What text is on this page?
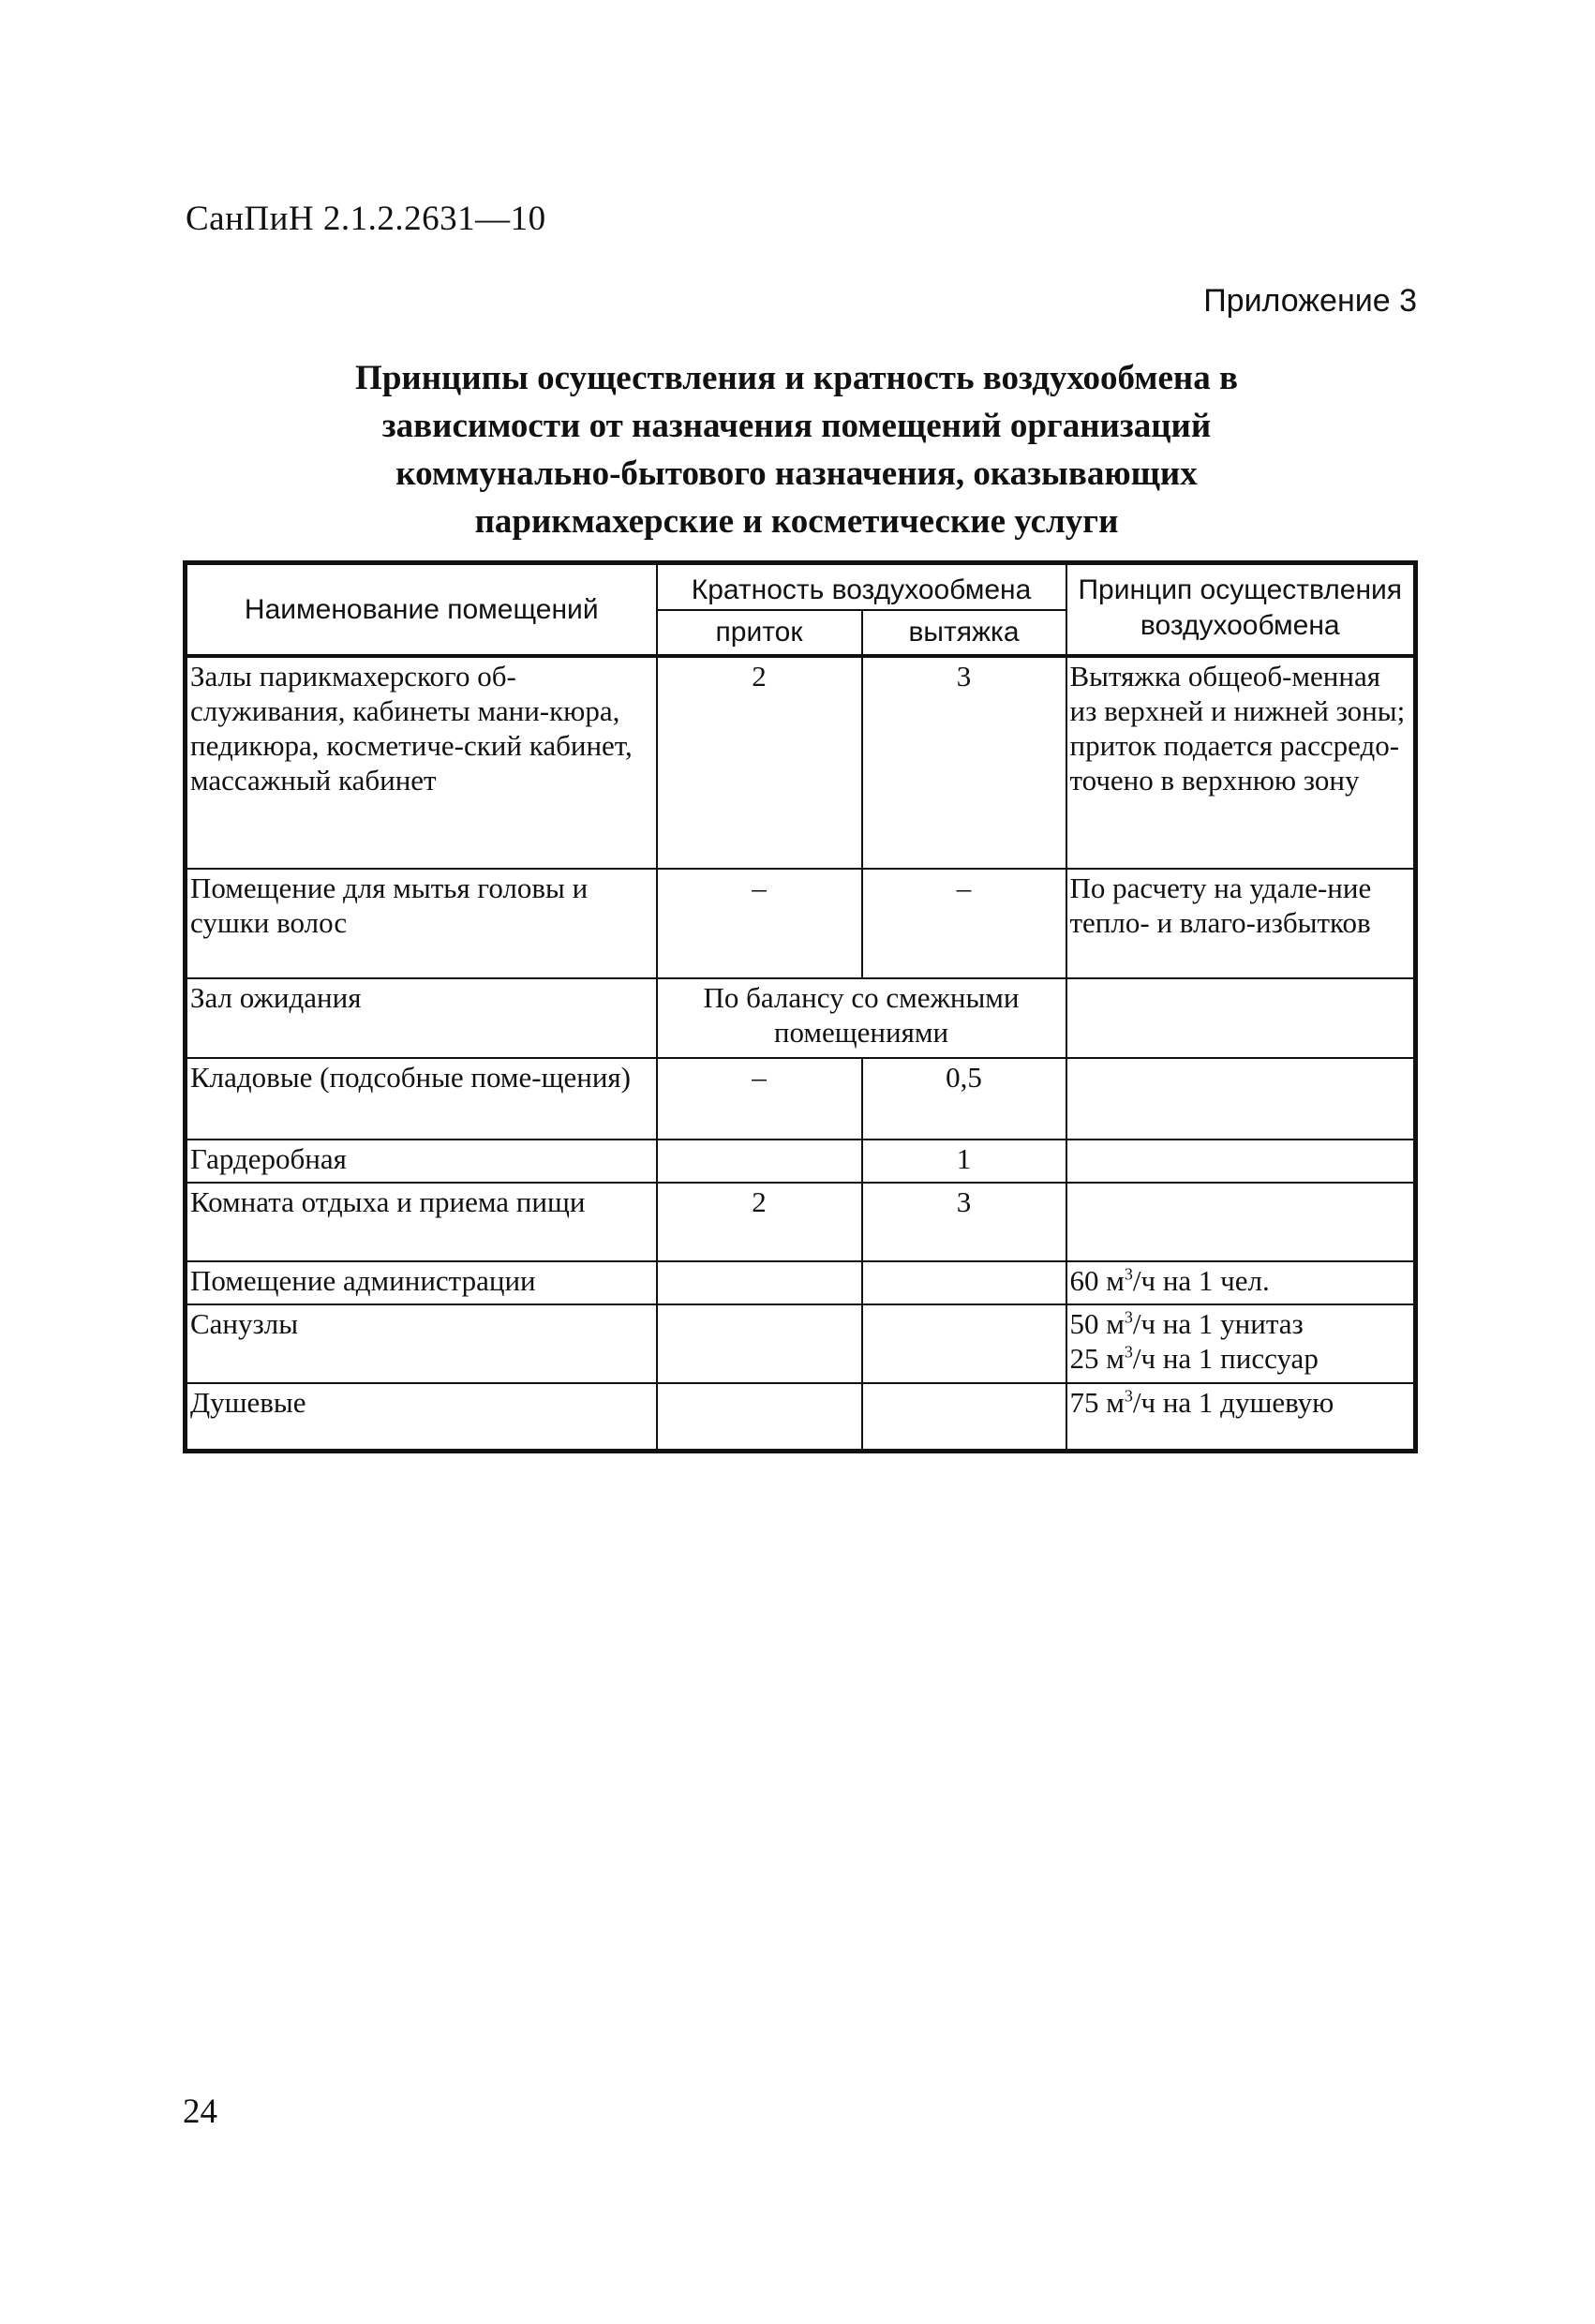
СанПиН 2.1.2.2631—10
Приложение 3
Принципы осуществления и кратность воздухообмена в
зависимости от назначения помещений организаций
коммунально-бытового назначения, оказывающих
парикмахерские и косметические услуги
Наименование помещений	Кратность воздухообмена		Принцип осуществления воздухообмена
	приток	вытяжка	
Залы парикмахерского об-служивания, кабинеты мани-кюра, педикюра, косметиче-ский кабинет, массажный кабинет	2	3	Вытяжка общеоб-менная из верхней и нижней зоны; приток подается рассредо-точено в верхнюю зону
Помещение для мытья головы и сушки волос	–	–	По расчету на удале-ние тепло- и влаго-избытков
Зал ожидания	По балансу со смежными помещениями		
Кладовые (подсобные поме-щения)	–	0,5	
Гардеробная		1	
Комната отдыха и приема пищи	2	3	
Помещение администрации			60 $м^3/ч$ на 1 чел.
Санузлы			50 $м^3/ч$ на 1 унитаз
25 $м^3/ч$ на 1 писсуар
Душевые			75 $м^3/ч$ на 1 душевую
24
